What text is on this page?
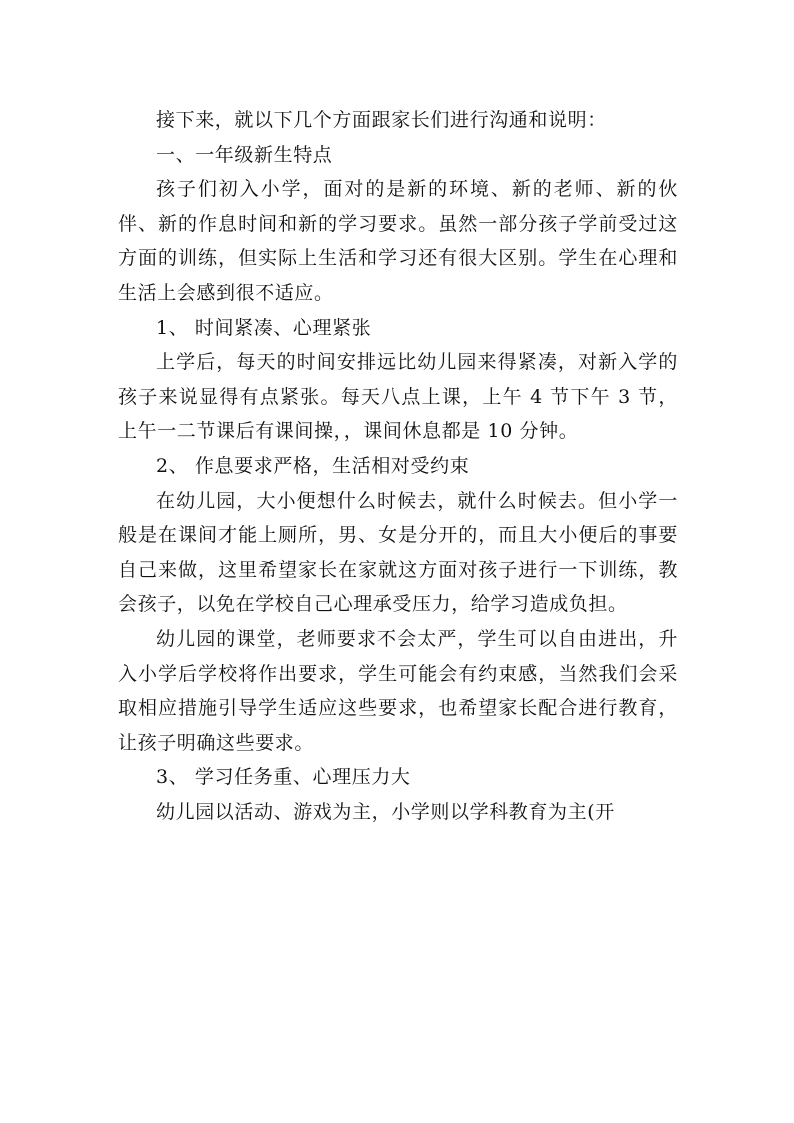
接下来，就以下几个方面跟家长们进行沟通和说明：

一、一年级新生特点

孩子们初入小学，面对的是新的环境、新的老师、新的伙伴、新的作息时间和新的学习要求。虽然一部分孩子学前受过这方面的训练，但实际上生活和学习还有很大区别。学生在心理和生活上会感到很不适应。

1、 时间紧凑、心理紧张

上学后，每天的时间安排远比幼儿园来得紧凑，对新入学的孩子来说显得有点紧张。每天八点上课，上午 4 节下午 3 节，上午一二节课后有课间操，，课间休息都是 10 分钟。

2、 作息要求严格，生活相对受约束

在幼儿园，大小便想什么时候去，就什么时候去。但小学一般是在课间才能上厕所，男、女是分开的，而且大小便后的事要自己来做，这里希望家长在家就这方面对孩子进行一下训练，教会孩子，以免在学校自己心理承受压力，给学习造成负担。

幼儿园的课堂，老师要求不会太严，学生可以自由进出，升入小学后学校将作出要求，学生可能会有约束感，当然我们会采取相应措施引导学生适应这些要求，也希望家长配合进行教育，让孩子明确这些要求。

3、 学习任务重、心理压力大

幼儿园以活动、游戏为主，小学则以学科教育为主(开
